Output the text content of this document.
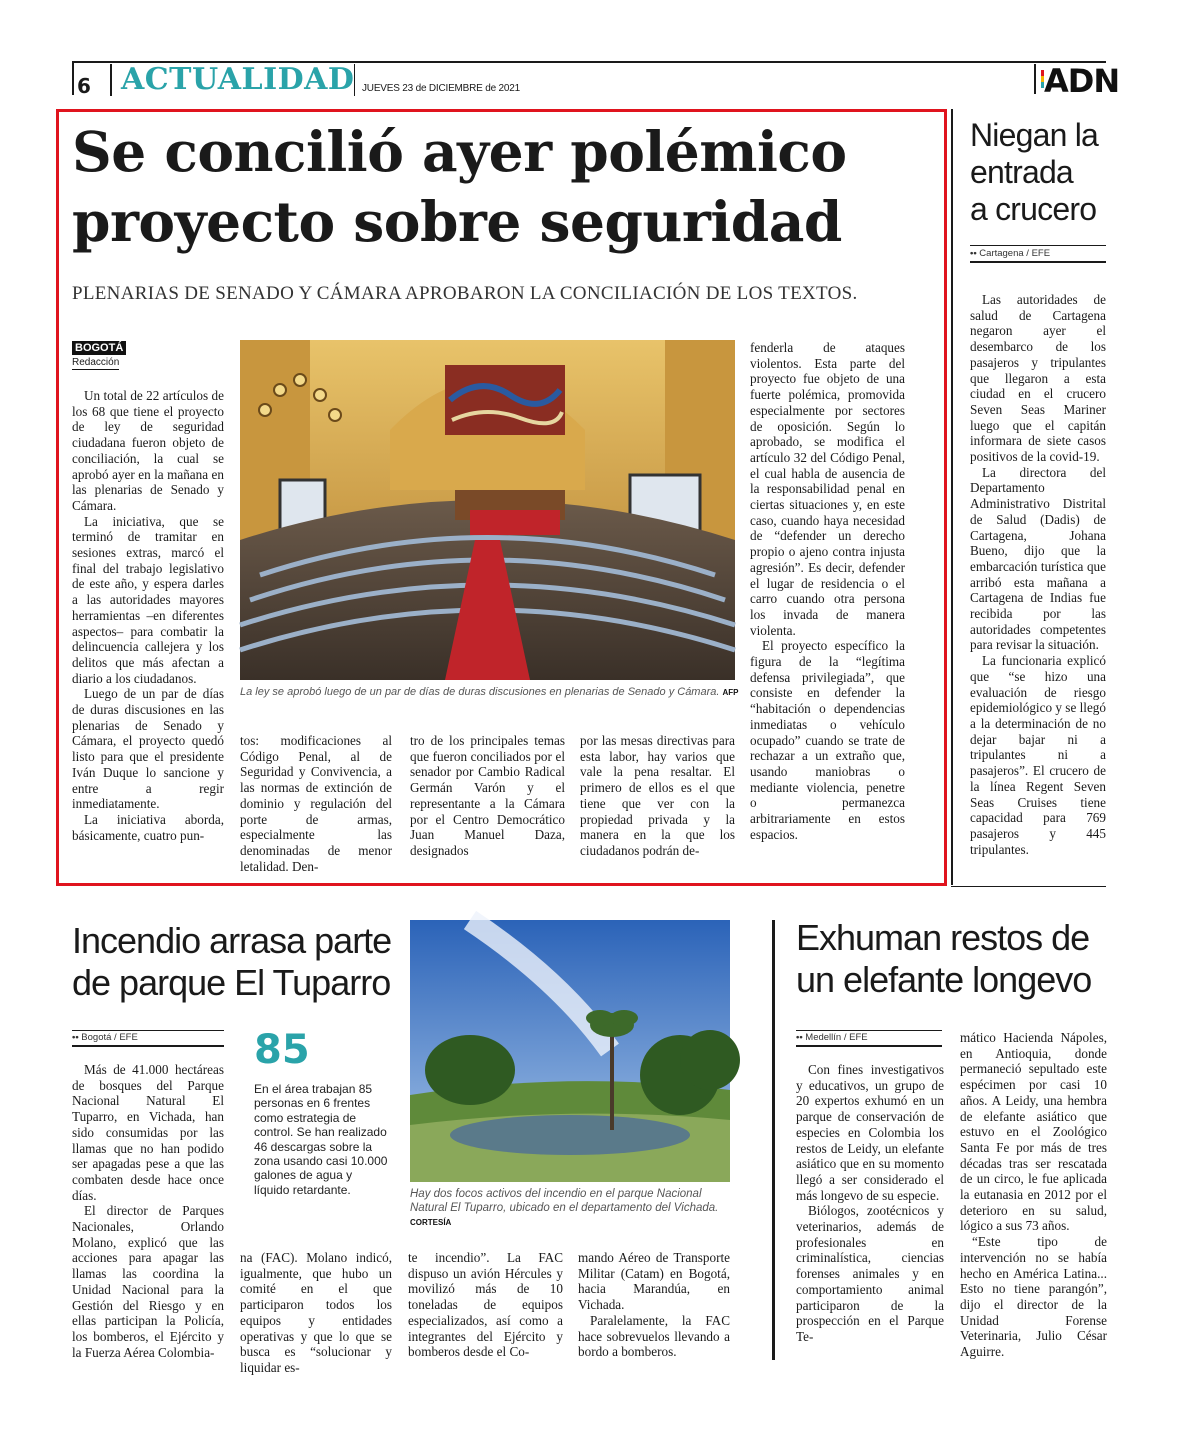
6 ACTUALIDAD JUEVES 23 de DICIEMBRE de 2021	ADN
Se concilió ayer polémico
proyecto sobre seguridad
PLENARIAS DE SENADO Y CÁMARA APROBARON LA CONCILIACIÓN DE LOS TEXTOS.
BOGOTÁ
Redacción
La ley se aprobó luego de un par de días de duras discusiones en plenarias de Senado y Cámara. AFP

Un total de 22 artículos de los 68 que tiene el proyecto de ley de seguridad ciudadana fueron objeto de conciliación, la cual se aprobó ayer en la mañana en las plenarias de Senado y Cámara.

La iniciativa, que se terminó de tramitar en sesiones extras, marcó el final del trabajo legislativo de este año, y espera darles a las autoridades mayores herramientas –en diferentes aspectos– para combatir la delincuencia callejera y los delitos que más afectan a diario a los ciudadanos.

Luego de un par de días de duras discusiones en las plenarias de Senado y Cámara, el proyecto quedó listo para que el presidente Iván Duque lo sancione y entre a regir inmediatamente.

La iniciativa aborda, básicamente, cuatro pun-

tos: modificaciones al Código Penal, al de Seguridad y Convivencia, a las normas de extinción de dominio y regulación del porte de armas, especialmente las denominadas de menor letalidad. Den-

tro de los principales temas que fueron conciliados por el senador por Cambio Radical Germán Varón y el representante a la Cámara por el Centro Democrático Juan Manuel Daza, designados

por las mesas directivas para esta labor, hay varios que vale la pena resaltar. El primero de ellos es el que tiene que ver con la propiedad privada y la manera en la que los ciudadanos podrán de-

fenderla de ataques violentos. Esta parte del proyecto fue objeto de una fuerte polémica, promovida especialmente por sectores de oposición. Según lo aprobado, se modifica el artículo 32 del Código Penal, el cual habla de ausencia de la responsabilidad penal en ciertas situaciones y, en este caso, cuando haya necesidad de “defender un derecho propio o ajeno contra injusta agresión”. Es decir, defender el lugar de residencia o el carro cuando otra persona los invada de manera violenta.

El proyecto específico la figura de la “legítima defensa privilegiada”, que consiste en defender la “habitación o dependencias inmediatas o vehículo ocupado” cuando se trate de rechazar a un extraño que, usando maniobras o mediante violencia, penetre o permanezca arbitrariamente en estos espacios.

Niegan la
entrada
a crucero
•• Cartagena / EFE

Las autoridades de salud de Cartagena negaron ayer el desembarco de los pasajeros y tripulantes que llegaron a esta ciudad en el crucero Seven Seas Mariner luego que el capitán informara de siete casos positivos de la covid-19.

La directora del Departamento Administrativo Distrital de Salud (Dadis) de Cartagena, Johana Bueno, dijo que la embarcación turística que arribó esta mañana a Cartagena de Indias fue recibida por las autoridades competentes para revisar la situación.

La funcionaria explicó que “se hizo una evaluación de riesgo epidemiológico y se llegó a la determinación de no dejar bajar ni a tripulantes ni a pasajeros”. El crucero de la línea Regent Seven Seas Cruises tiene capacidad para 769 pasajeros y 445 tripulantes.

Incendio arrasa parte
de parque El Tuparro
•• Bogotá / EFE	85
En el área trabajan 85 personas en 6 frentes como estrategia de control. Se han realizado 46 descargas sobre la zona usando casi 10.000 galones de agua y líquido retardante.	Hay dos focos activos del incendio en el parque Nacional Natural El Tuparro, ubicado en el departamento del Vichada. CORTESÍA

Más de 41.000 hectáreas de bosques del Parque Nacional Natural El Tuparro, en Vichada, han sido consumidas por las llamas que no han podido ser apagadas pese a que las combaten desde hace once días.

El director de Parques Nacionales, Orlando Molano, explicó que las acciones para apagar las llamas las coordina la Unidad Nacional para la Gestión del Riesgo y en ellas participan la Policía, los bomberos, el Ejército y la Fuerza Aérea Colombia-

na (FAC). Molano indicó, igualmente, que hubo un comité en el que participaron todos los equipos y entidades operativas y que lo que se busca es “solucionar y liquidar es-

te incendio”. La FAC dispuso un avión Hércules y movilizó más de 10 toneladas de equipos especializados, así como a integrantes del Ejército y bomberos desde el Co-

mando Aéreo de Transporte Militar (Catam) en Bogotá, hacia Marandúa, en Vichada.

Paralelamente, la FAC hace sobrevuelos llevando a bordo a bomberos.

Exhuman restos de
un elefante longevo
•• Medellín / EFE

Con fines investigativos y educativos, un grupo de 20 expertos exhumó en un parque de conservación de especies en Colombia los restos de Leidy, un elefante asiático que en su momento llegó a ser considerado el más longevo de su especie.

Biólogos, zootécnicos y veterinarios, además de profesionales en criminalística, ciencias forenses animales y en comportamiento animal participaron de la prospección en el Parque Te-

mático Hacienda Nápoles, en Antioquia, donde permaneció sepultado este espécimen por casi 10 años. A Leidy, una hembra de elefante asiático que estuvo en el Zoológico Santa Fe por más de tres décadas tras ser rescatada de un circo, le fue aplicada la eutanasia en 2012 por el deterioro en su salud, lógico a sus 73 años.

“Este tipo de intervención no se había hecho en América Latina... Esto no tiene parangón”, dijo el director de la Unidad Forense Veterinaria, Julio César Aguirre.
